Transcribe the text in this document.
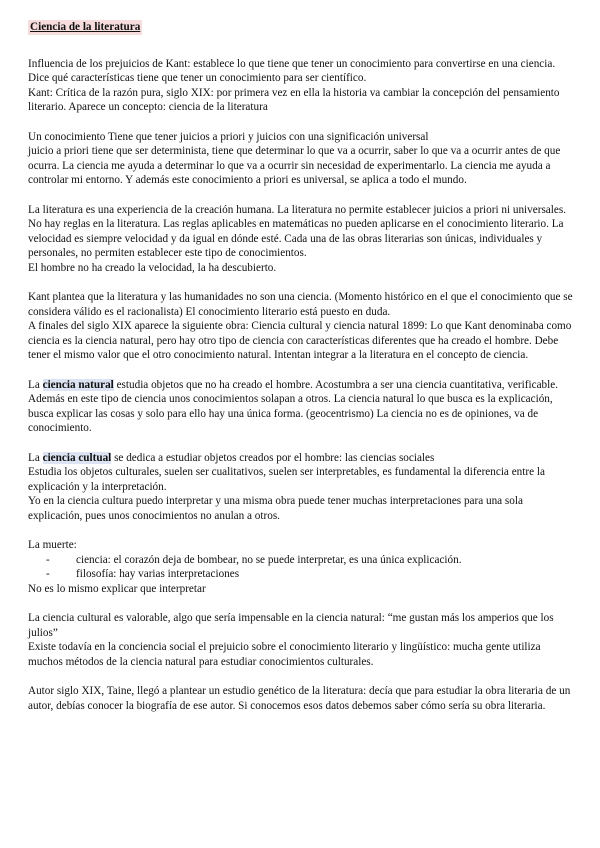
Ciencia de la literatura

Influencia de los prejuicios de Kant: establece lo que tiene que tener un conocimiento para convertirse en una ciencia. Dice qué características tiene que tener un conocimiento para ser científico.
Kant: Crítica de la razón pura, siglo XIX: por primera vez en ella la historia va cambiar la concepción del pensamiento literario. Aparece un concepto: ciencia de la literatura

Un conocimiento Tiene que tener juicios a priori y juicios con una significación universal
juicio a priori tiene que ser determinista, tiene que determinar lo que va a ocurrir, saber lo que va a ocurrir antes de que ocurra. La ciencia me ayuda a determinar lo que va a ocurrir sin necesidad de experimentarlo. La ciencia me ayuda a controlar mi entorno. Y además este conocimiento a priori es universal, se aplica a todo el mundo.

La literatura es una experiencia de la creación humana. La literatura no permite establecer juicios a priori ni universales. No hay reglas en la literatura. Las reglas aplicables en matemáticas no pueden aplicarse en el conocimiento literario. La velocidad es siempre velocidad y da igual en dónde esté. Cada una de las obras literarias son únicas, individuales y personales, no permiten establecer este tipo de conocimientos.
El hombre no ha creado la velocidad, la ha descubierto.

Kant plantea que la literatura y las humanidades no son una ciencia. (Momento histórico en el que el conocimiento que se considera válido es el racionalista) El conocimiento literario está puesto en duda.
A finales del siglo XIX aparece la siguiente obra: Ciencia cultural y ciencia natural 1899: Lo que Kant denominaba como ciencia es la ciencia natural, pero hay otro tipo de ciencia con características diferentes que ha creado el hombre. Debe tener el mismo valor que el otro conocimiento natural. Intentan integrar a la literatura en el concepto de ciencia.

La ciencia natural estudia objetos que no ha creado el hombre. Acostumbra a ser una ciencia cuantitativa, verificable. Además en este tipo de ciencia unos conocimientos solapan a otros. La ciencia natural lo que busca es la explicación, busca explicar las cosas y solo para ello hay una única forma. (geocentrismo) La ciencia no es de opiniones, va de conocimiento.

La ciencia cultual se dedica a estudiar objetos creados por el hombre: las ciencias sociales
Estudia los objetos culturales, suelen ser cualitativos, suelen ser interpretables, es fundamental la diferencia entre la explicación y la interpretación.
Yo en la ciencia cultura puedo interpretar y una misma obra puede tener muchas interpretaciones para una sola explicación, pues unos conocimientos no anulan a otros.

La muerte:
- ciencia: el corazón deja de bombear, no se puede interpretar, es una única explicación.
- filosofía: hay varias interpretaciones
No es lo mismo explicar que interpretar

La ciencia cultural es valorable, algo que sería impensable en la ciencia natural: “me gustan más los amperios que los julios”
Existe todavía en la conciencia social el prejuicio sobre el conocimiento literario y lingüístico: mucha gente utiliza muchos métodos de la ciencia natural para estudiar conocimientos culturales.

Autor siglo XIX, Taine, llegó a plantear un estudio genético de la literatura: decía que para estudiar la obra literaria de un autor, debías conocer la biografía de ese autor. Si conocemos esos datos debemos saber cómo sería su obra literaria.
